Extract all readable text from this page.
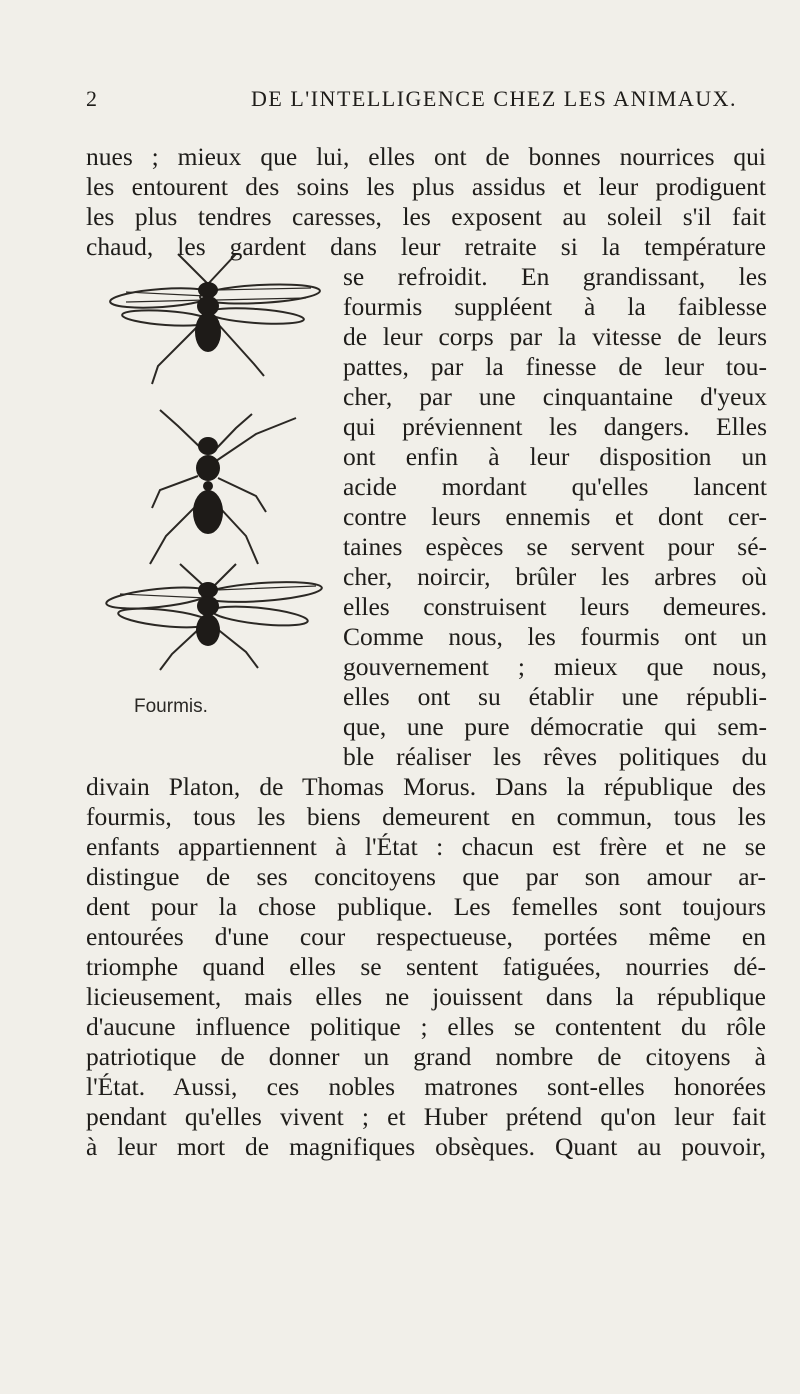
2	DE L'INTELLIGENCE CHEZ LES ANIMAUX.
Fourmis.
nues ; mieux que lui, elles ont de bonnes nourrices qui
les entourent des soins les plus assidus et leur prodiguent
les plus tendres caresses, les exposent au soleil s'il fait
chaud, les gardent dans leur retraite si la température
se refroidit. En grandissant, les
fourmis suppléent à la faiblesse
de leur corps par la vitesse de leurs
pattes, par la finesse de leur tou-
cher, par une cinquantaine d'yeux
qui préviennent les dangers. Elles
ont enfin à leur disposition un
acide mordant qu'elles lancent
contre leurs ennemis et dont cer-
taines espèces se servent pour sé-
cher, noircir, brûler les arbres où
elles construisent leurs demeures.
Comme nous, les fourmis ont un
gouvernement ; mieux que nous,
elles ont su établir une républi-
que, une pure démocratie qui sem-
ble réaliser les rêves politiques du
divain Platon, de Thomas Morus. Dans la république des
fourmis, tous les biens demeurent en commun, tous les
enfants appartiennent à l'État : chacun est frère et ne se
distingue de ses concitoyens que par son amour ar-
dent pour la chose publique. Les femelles sont toujours
entourées d'une cour respectueuse, portées même en
triomphe quand elles se sentent fatiguées, nourries dé-
licieusement, mais elles ne jouissent dans la république
d'aucune influence politique ; elles se contentent du rôle
patriotique de donner un grand nombre de citoyens à
l'État. Aussi, ces nobles matrones sont-elles honorées
pendant qu'elles vivent ; et Huber prétend qu'on leur fait
à leur mort de magnifiques obsèques. Quant au pouvoir,
